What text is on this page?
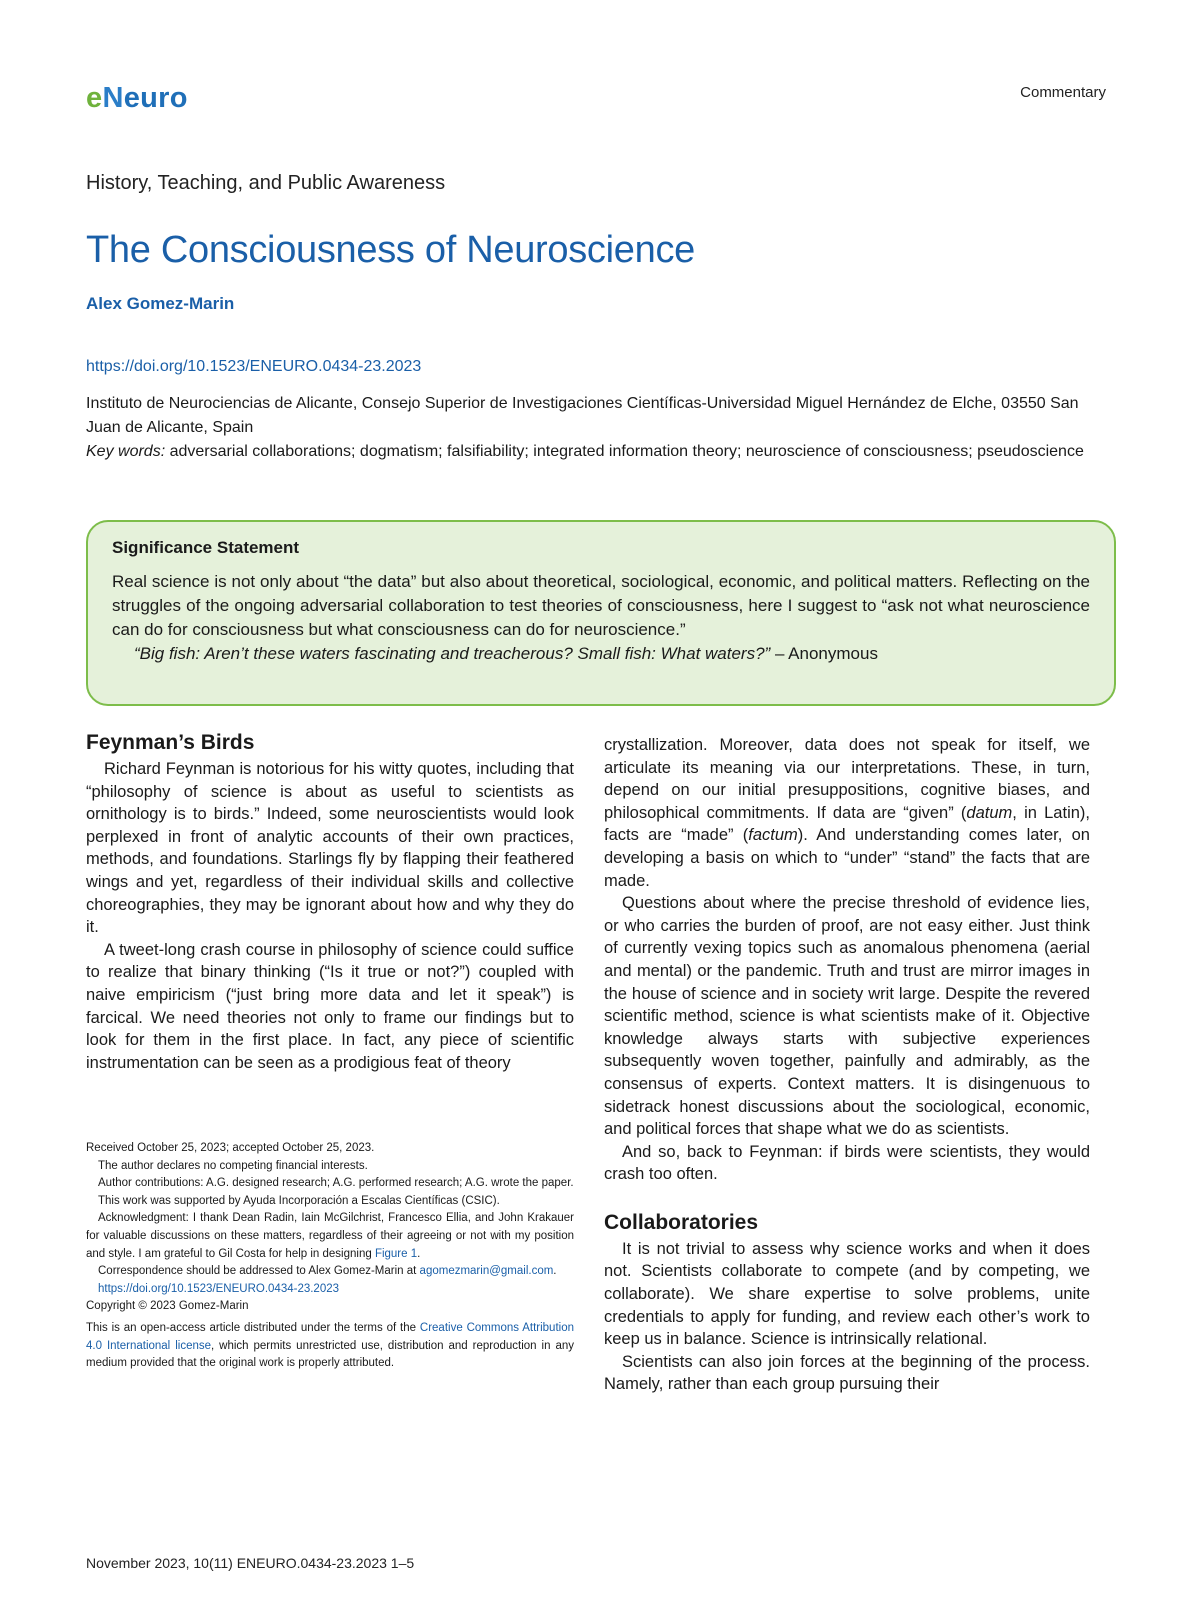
eNeuro	Commentary
History, Teaching, and Public Awareness
The Consciousness of Neuroscience
Alex Gomez-Marin
https://doi.org/10.1523/ENEURO.0434-23.2023
Instituto de Neurociencias de Alicante, Consejo Superior de Investigaciones Científicas-Universidad Miguel Hernández de Elche, 03550 San Juan de Alicante, Spain
Key words: adversarial collaborations; dogmatism; falsifiability; integrated information theory; neuroscience of consciousness; pseudoscience
Significance Statement
Real science is not only about “the data” but also about theoretical, sociological, economic, and political matters. Reflecting on the struggles of the ongoing adversarial collaboration to test theories of consciousness, here I suggest to “ask not what neuroscience can do for consciousness but what consciousness can do for neuroscience.”
“Big fish: Aren’t these waters fascinating and treacherous? Small fish: What waters?” – Anonymous
Feynman’s Birds

Richard Feynman is notorious for his witty quotes, including that “philosophy of science is about as useful to scientists as ornithology is to birds.” Indeed, some neuroscientists would look perplexed in front of analytic accounts of their own practices, methods, and foundations. Starlings fly by flapping their feathered wings and yet, regardless of their individual skills and collective choreographies, they may be ignorant about how and why they do it.

A tweet-long crash course in philosophy of science could suffice to realize that binary thinking (“Is it true or not?”) coupled with naive empiricism (“just bring more data and let it speak”) is farcical. We need theories not only to frame our findings but to look for them in the first place. In fact, any piece of scientific instrumentation can be seen as a prodigious feat of theory

Received October 25, 2023; accepted October 25, 2023.

The author declares no competing financial interests.

Author contributions: A.G. designed research; A.G. performed research; A.G. wrote the paper.

This work was supported by Ayuda Incorporación a Escalas Científicas (CSIC).

Acknowledgment: I thank Dean Radin, Iain McGilchrist, Francesco Ellia, and John Krakauer for valuable discussions on these matters, regardless of their agreeing or not with my position and style. I am grateful to Gil Costa for help in designing Figure 1.

Correspondence should be addressed to Alex Gomez-Marin at agomezmarin@gmail.com.

https://doi.org/10.1523/ENEURO.0434-23.2023

Copyright © 2023 Gomez-Marin

This is an open-access article distributed under the terms of the Creative Commons Attribution 4.0 International license, which permits unrestricted use, distribution and reproduction in any medium provided that the original work is properly attributed.

crystallization. Moreover, data does not speak for itself, we articulate its meaning via our interpretations. These, in turn, depend on our initial presuppositions, cognitive biases, and philosophical commitments. If data are “given” (datum, in Latin), facts are “made” (factum). And understanding comes later, on developing a basis on which to “under” “stand” the facts that are made.

Questions about where the precise threshold of evidence lies, or who carries the burden of proof, are not easy either. Just think of currently vexing topics such as anomalous phenomena (aerial and mental) or the pandemic. Truth and trust are mirror images in the house of science and in society writ large. Despite the revered scientific method, science is what scientists make of it. Objective knowledge always starts with subjective experiences subsequently woven together, painfully and admirably, as the consensus of experts. Context matters. It is disingenuous to sidetrack honest discussions about the sociological, economic, and political forces that shape what we do as scientists.

And so, back to Feynman: if birds were scientists, they would crash too often.

Collaboratories

It is not trivial to assess why science works and when it does not. Scientists collaborate to compete (and by competing, we collaborate). We share expertise to solve problems, unite credentials to apply for funding, and review each other’s work to keep us in balance. Science is intrinsically relational.

Scientists can also join forces at the beginning of the process. Namely, rather than each group pursuing their

November 2023, 10(11) ENEURO.0434-23.2023 1–5
